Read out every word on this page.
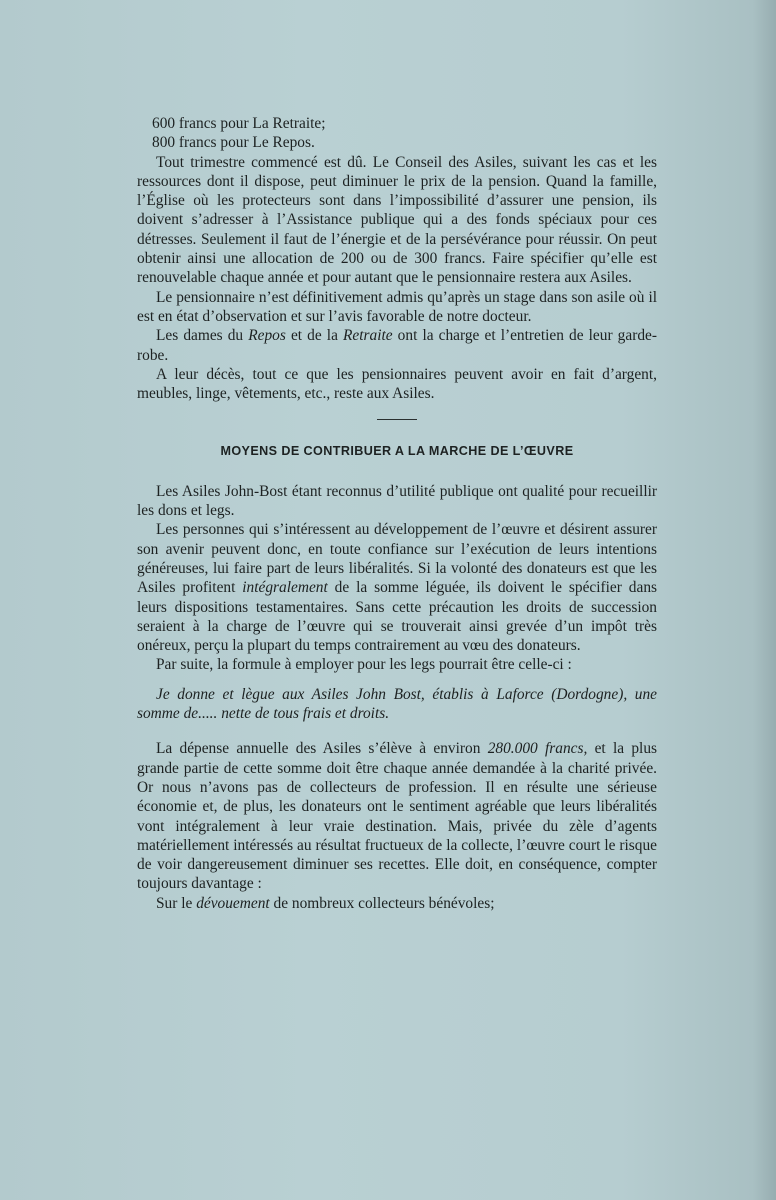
600 francs pour La Retraite;

800 francs pour Le Repos.

Tout trimestre commencé est dû. Le Conseil des Asiles, suivant les cas et les ressources dont il dispose, peut diminuer le prix de la pension. Quand la famille, l’Église où les protecteurs sont dans l’impossibilité d’assurer une pension, ils doivent s’adresser à l’Assistance publique qui a des fonds spéciaux pour ces détresses. Seulement il faut de l’énergie et de la persévérance pour réussir. On peut obtenir ainsi une allocation de 200 ou de 300 francs. Faire spécifier qu’elle est renouvelable chaque année et pour autant que le pensionnaire restera aux Asiles.

Le pensionnaire n’est définitivement admis qu’après un stage dans son asile où il est en état d’observation et sur l’avis favorable de notre docteur.

Les dames du Repos et de la Retraite ont la charge et l’entretien de leur garde-robe.

A leur décès, tout ce que les pensionnaires peuvent avoir en fait d’argent, meubles, linge, vêtements, etc., reste aux Asiles.

MOYENS DE CONTRIBUER A LA MARCHE DE L’ŒUVRE

Les Asiles John-Bost étant reconnus d’utilité publique ont qualité pour recueillir les dons et legs.

Les personnes qui s’intéressent au développement de l’œuvre et désirent assurer son avenir peuvent donc, en toute confiance sur l’exécution de leurs intentions généreuses, lui faire part de leurs libéralités. Si la volonté des donateurs est que les Asiles profitent intégralement de la somme léguée, ils doivent le spécifier dans leurs dispositions testamentaires. Sans cette précaution les droits de succession seraient à la charge de l’œuvre qui se trouverait ainsi grevée d’un impôt très onéreux, perçu la plupart du temps contrairement au vœu des donateurs.

Par suite, la formule à employer pour les legs pourrait être celle-ci :

Je donne et lègue aux Asiles John Bost, établis à Laforce (Dordogne), une somme de..... nette de tous frais et droits.

La dépense annuelle des Asiles s’élève à environ 280.000 francs, et la plus grande partie de cette somme doit être chaque année demandée à la charité privée. Or nous n’avons pas de collecteurs de profession. Il en résulte une sérieuse économie et, de plus, les donateurs ont le sentiment agréable que leurs libéralités vont intégralement à leur vraie destination. Mais, privée du zèle d’agents matériellement intéressés au résultat fructueux de la collecte, l’œuvre court le risque de voir dangereusement diminuer ses recettes. Elle doit, en conséquence, compter toujours davantage :

Sur le dévouement de nombreux collecteurs bénévoles;
